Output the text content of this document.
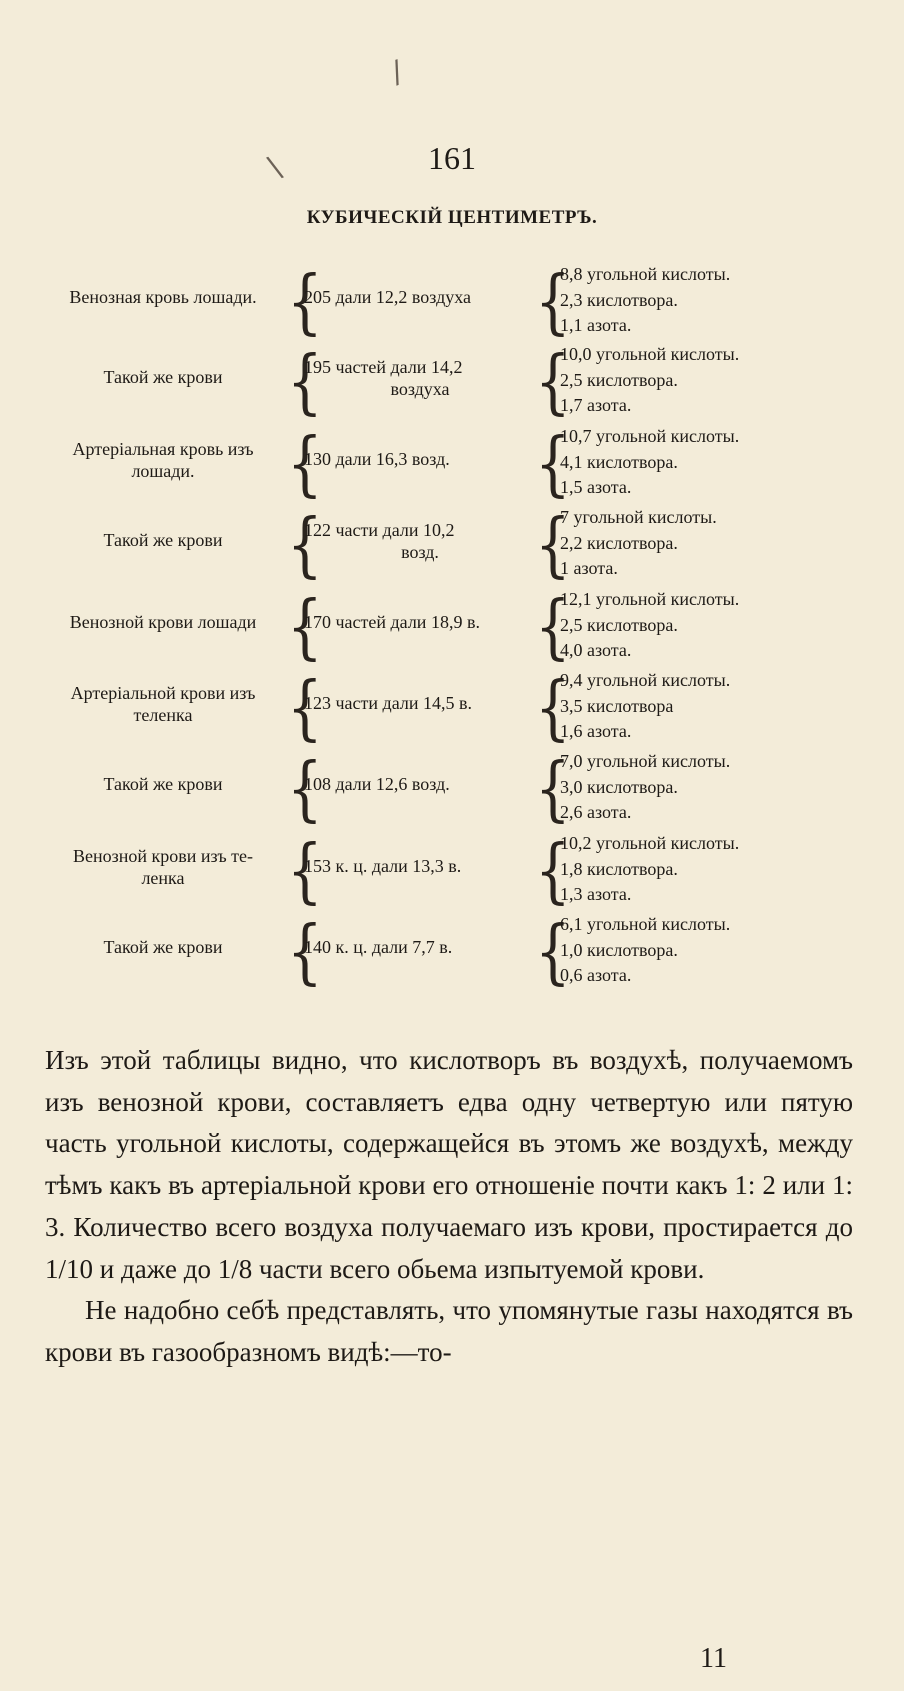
/
\	161
КУБИЧЕСКІЙ ЦЕНТИМЕТРЪ.
Венозная кровь лошади. {
205 дали 12,2 воздуха	{
8,8 угольной кислоты.
2,3 кислотвора.
1,1 азота.
Такой же крови	{
195 частей дали 14,2
воздуха	{
10,0 угольной кислоты.
2,5 кислотвора.
1,7 азота.
Артеріальная кровь изъ
лошади.	{
130 дали 16,3 возд.	{
10,7 угольной кислоты.
4,1 кислотвора.
1,5 азота.
Такой же крови	{
122 части дали 10,2
возд.	{
7 угольной кислоты.
2,2 кислотвора.
1 азота.
Венозной крови лошади {
170 частей дали 18,9 в. {
12,1 угольной кислоты.
2,5 кислотвора.
4,0 азота.
Артеріальной крови изъ
теленка	{
123 части дали 14,5 в.	{
9,4 угольной кислоты.
3,5 кислотвора
1,6 азота.
Такой же крови	{
108 дали 12,6 возд.	{
7,0 угольной кислоты.
3,0 кислотвора.
2,6 азота.
Венозной крови изъ те-
ленка	{
153 к. ц. дали 13,3 в.	{
10,2 угольной кислоты.
1,8 кислотвора.
1,3 азота.
Такой же крови	{
140 к. ц. дали 7,7 в.	{
6,1 угольной кислоты.
1,0 кислотвора.
0,6 азота.

Изъ этой таблицы видно, что кислотворъ въ воздухѣ, получаемомъ изъ венозной крови, составляетъ едва одну четвертую или пятую часть угольной кислоты, содержащейся въ этомъ же воздухѣ, между тѣмъ какъ въ артеріальной крови его отношеніе почти какъ 1: 2 или 1: 3. Количество всего воздуха получаемаго изъ крови, простирается до 1/10 и даже до 1/8 части всего обьема изпытуемой крови.

Не надобно себѣ представлять, что упомянутые газы находятся въ крови въ газообразномъ видѣ:—то-

11
